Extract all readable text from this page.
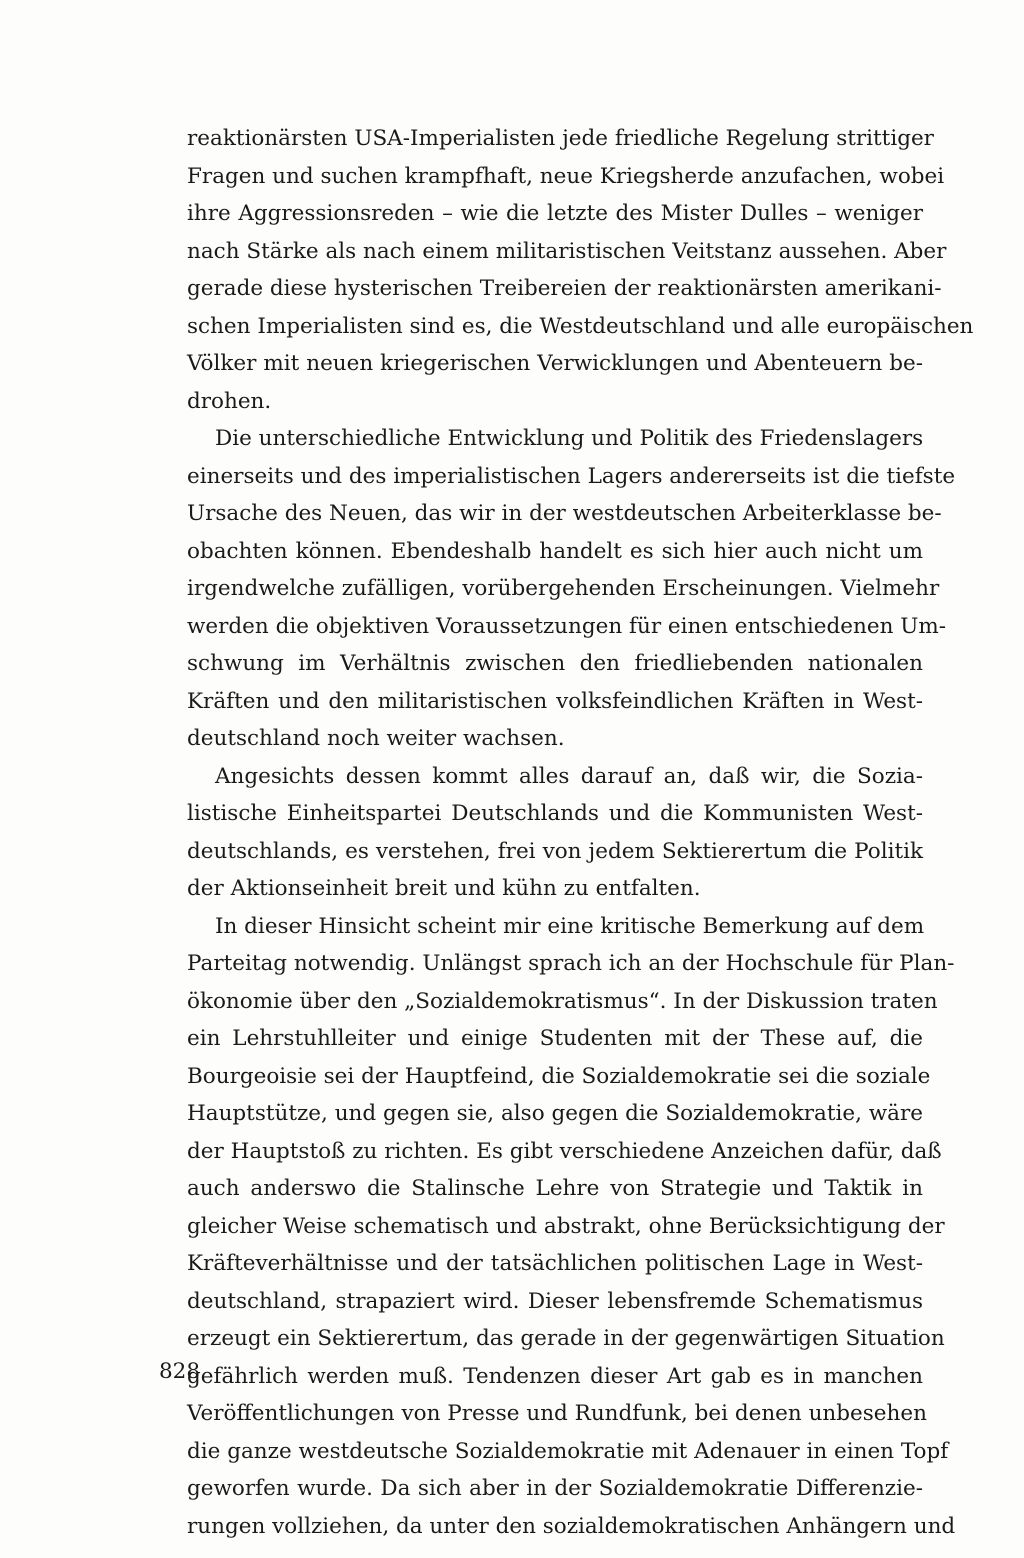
reaktionärsten USA-Imperialisten jede friedliche Regelung strittiger
Fragen und suchen krampfhaft, neue Kriegsherde anzufachen, wobei
ihre Aggressionsreden – wie die letzte des Mister Dulles – weniger
nach Stärke als nach einem militaristischen Veitstanz aussehen. Aber
gerade diese hysterischen Treibereien der reaktionärsten amerikani-
schen Imperialisten sind es, die Westdeutschland und alle europäischen
Völker mit neuen kriegerischen Verwicklungen und Abenteuern be-
drohen.
Die unterschiedliche Entwicklung und Politik des Friedenslagers
einerseits und des imperialistischen Lagers andererseits ist die tiefste
Ursache des Neuen, das wir in der westdeutschen Arbeiterklasse be-
obachten können. Ebendeshalb handelt es sich hier auch nicht um
irgendwelche zufälligen, vorübergehenden Erscheinungen. Vielmehr
werden die objektiven Voraussetzungen für einen entschiedenen Um-
schwung im Verhältnis zwischen den friedliebenden nationalen
Kräften und den militaristischen volksfeindlichen Kräften in West-
deutschland noch weiter wachsen.
Angesichts dessen kommt alles darauf an, daß wir, die Sozia-
listische Einheitspartei Deutschlands und die Kommunisten West-
deutschlands, es verstehen, frei von jedem Sektierertum die Politik
der Aktionseinheit breit und kühn zu entfalten.
In dieser Hinsicht scheint mir eine kritische Bemerkung auf dem
Parteitag notwendig. Unlängst sprach ich an der Hochschule für Plan-
ökonomie über den „Sozialdemokratismus“. In der Diskussion traten
ein Lehrstuhlleiter und einige Studenten mit der These auf, die
Bourgeoisie sei der Hauptfeind, die Sozialdemokratie sei die soziale
Hauptstütze, und gegen sie, also gegen die Sozialdemokratie, wäre
der Hauptstoß zu richten. Es gibt verschiedene Anzeichen dafür, daß
auch anderswo die Stalinsche Lehre von Strategie und Taktik in
gleicher Weise schematisch und abstrakt, ohne Berücksichtigung der
Kräfteverhältnisse und der tatsächlichen politischen Lage in West-
deutschland, strapaziert wird. Dieser lebensfremde Schematismus
erzeugt ein Sektierertum, das gerade in der gegenwärtigen Situation
gefährlich werden muß. Tendenzen dieser Art gab es in manchen
Veröffentlichungen von Presse und Rundfunk, bei denen unbesehen
die ganze westdeutsche Sozialdemokratie mit Adenauer in einen Topf
geworfen wurde. Da sich aber in der Sozialdemokratie Differenzie-
rungen vollziehen, da unter den sozialdemokratischen Anhängern und
828
